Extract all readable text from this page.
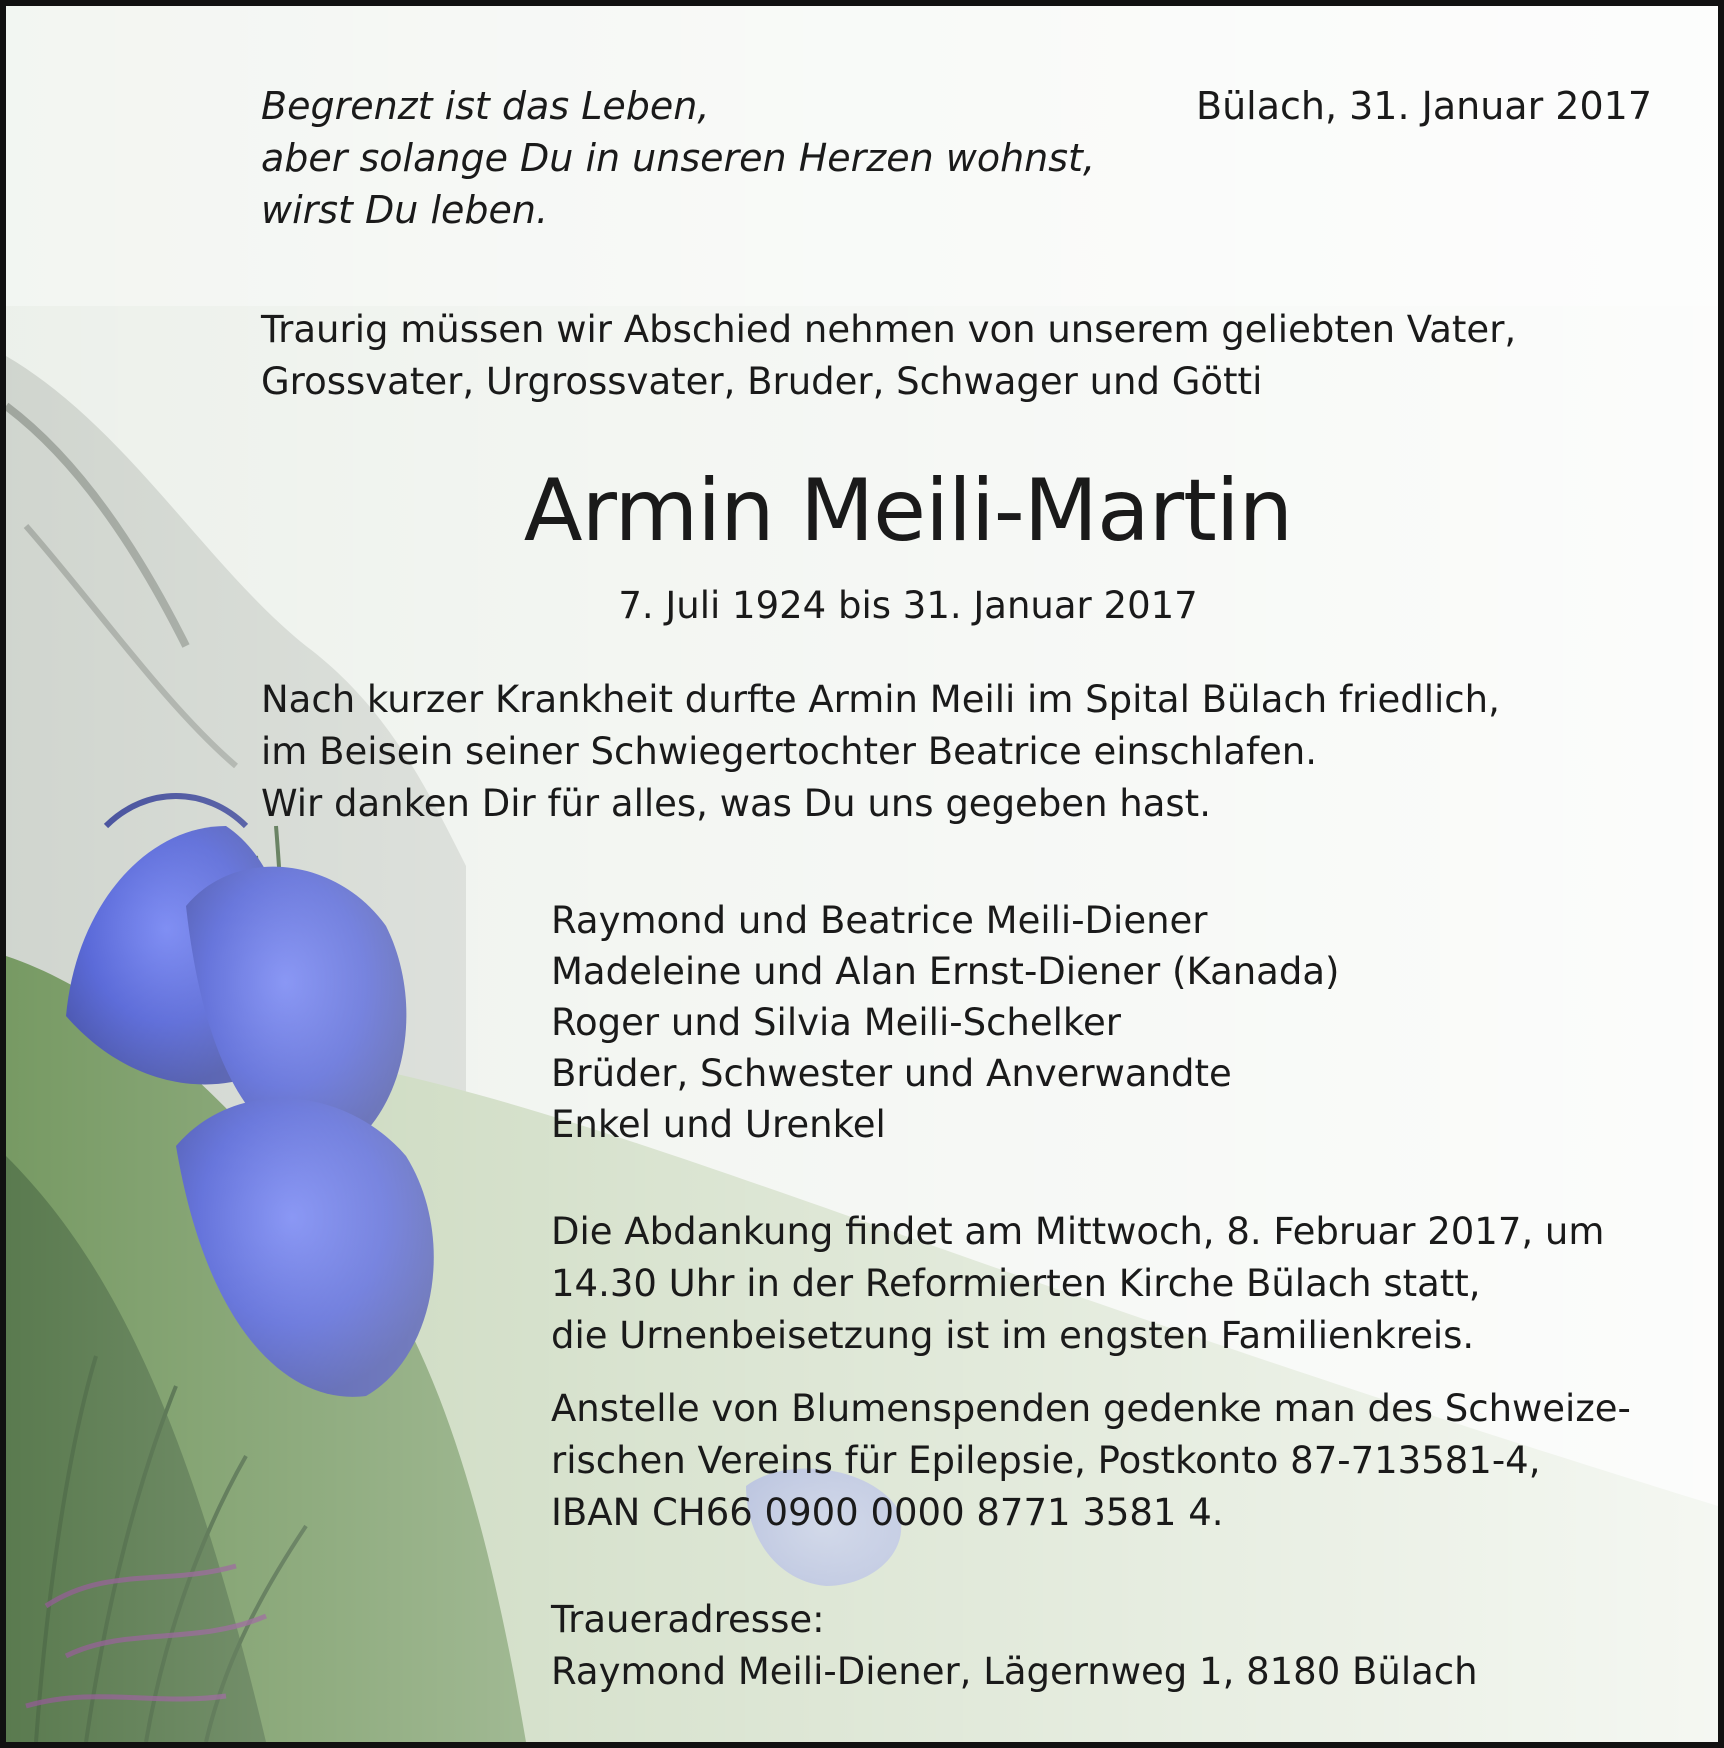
Begrenzt ist das Leben,
aber solange Du in unseren Herzen wohnst,
wirst Du leben.
Bülach, 31. Januar 2017
Traurig müssen wir Abschied nehmen von unserem geliebten Vater,
Grossvater, Urgrossvater, Bruder, Schwager und Götti
Armin Meili-Martin
7. Juli 1924 bis 31. Januar 2017
Nach kurzer Krankheit durfte Armin Meili im Spital Bülach friedlich,
im Beisein seiner Schwiegertochter Beatrice einschlafen.
Wir danken Dir für alles, was Du uns gegeben hast.
Raymond und Beatrice Meili-Diener
Madeleine und Alan Ernst-Diener (Kanada)
Roger und Silvia Meili-Schelker
Brüder, Schwester und Anverwandte
Enkel und Urenkel
Die Abdankung findet am Mittwoch, 8. Februar 2017, um
14.30 Uhr in der Reformierten Kirche Bülach statt,
die Urnenbeisetzung ist im engsten Familienkreis.
Anstelle von Blumenspenden gedenke man des Schweize-
rischen Vereins für Epilepsie, Postkonto 87-713581-4,
IBAN CH66 0900 0000 8771 3581 4.
Traueradresse:
Raymond Meili-Diener, Lägernweg 1, 8180 Bülach
